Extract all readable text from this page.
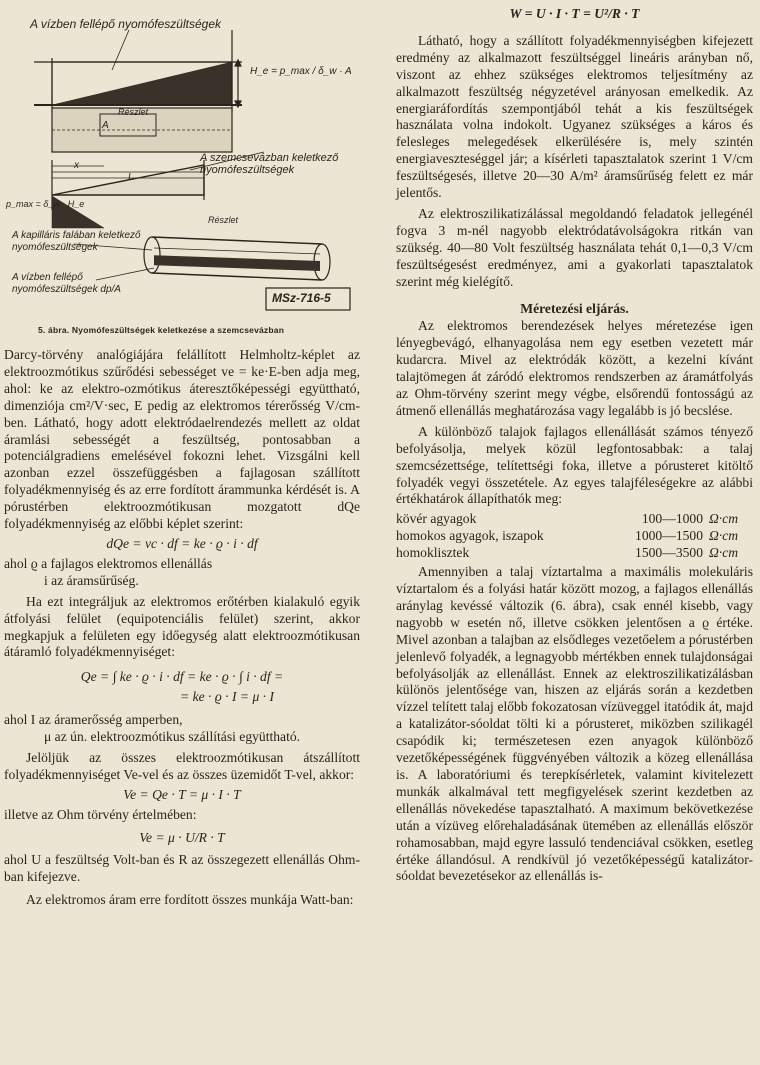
A vízben fellépő nyomófeszültségek
H_e = p_max / δ_w · A
Részlet
A
A szemcsevázban keletkező nyomófeszültségek
x
L
p_max = δ_w · H_e
A kapilláris falában keletkező nyomófeszültségek
Részlet
A vízben fellépő nyomófeszültségek dp/A
MSz-716-5
5. ábra. Nyomófeszültségek keletkezése a szemcsevázban

Darcy-törvény analógiájára felállított Helmholtz-képlet az elektroozmótikus szűrődési sebességet ve = ke·E-ben adja meg, ahol: ke az elektro-ozmótikus áteresztőképességi együttható, dimenziója cm²/V·sec, E pedig az elektromos térerősség V/cm-ben. Látható, hogy adott elektródaelrendezés mellett az oldat áramlási sebességét a feszültség, pontosabban a potenciálgradiens emelésével fokozni lehet. Vizsgálni kell azonban ezzel összefüggésben a fajlagosan szállított folyadékmennyiség és az erre fordított árammunka kérdését is. A pórustérben elektroozmótikusan mozgatott dQe folyadékmennyiség az előbbi képlet szerint:

dQe = vc · df = ke · ϱ · i · df

ahol ϱ a fajlagos elektromos ellenállás

i az áramsűrűség.

Ha ezt integráljuk az elektromos erőtérben kialakuló egyik átfolyási felület (equipotenciális felület) szerint, akkor megkapjuk a felületen egy időegység alatt elektroozmótikusan átáramló folyadékmennyiséget:

Qe = ∫ ke · ϱ · i · df = ke · ϱ · ∫ i · df =
= ke · ϱ · I = μ · I

ahol I az áramerősség amperben,

μ az ún. elektroozmótikus szállítási együttható.

Jelöljük az összes elektroozmótikusan átszállított folyadékmennyiséget Ve-vel és az összes üzemidőt T-vel, akkor:

Ve = Qe · T = μ · I · T

illetve az Ohm törvény értelmében:

Ve = μ · U/R · T

ahol U a feszültség Volt-ban és R az összegezett ellenállás Ohm-ban kifejezve.

Az elektromos áram erre fordított összes munkája Watt-ban:

W = U · I · T = U²/R · T

Látható, hogy a szállított folyadékmennyiségben kifejezett eredmény az alkalmazott feszültséggel lineáris arányban nő, viszont az ehhez szükséges elektromos teljesítmény az alkalmazott feszültség négyzetével arányosan emelkedik. Az energiaráfordítás szempontjából tehát a kis feszültségek használata volna indokolt. Ugyanez szükséges a káros és felesleges melegedések elkerülésére is, mely szintén energiaveszteséggel jár; a kísérleti tapasztalatok szerint 1 V/cm feszültségesés, illetve 20—30 A/m² áramsűrűség felett ez már jelentős.

Az elektroszilikatizálással megoldandó feladatok jellegénél fogva 3 m-nél nagyobb elektródatávolságokra ritkán van szükség. 40—80 Volt feszültség használata tehát 0,1—0,3 V/cm feszültségesést eredményez, ami a gyakorlati tapasztalatok szerint még kielégítő.

Méretezési eljárás.

Az elektromos berendezések helyes méretezése igen lényegbevágó, elhanyagolása nem egy esetben vezetett már kudarcra. Mivel az elektródák között, a kezelni kívánt talajtömegen át záródó elektromos rendszerben az áramátfolyás az Ohm-törvény szerint megy végbe, elsőrendű fontosságú az átmenő ellenállás meghatározása vagy legalább is jó becslése.

A különböző talajok fajlagos ellenállását számos tényező befolyásolja, melyek közül legfontosabbak: a talaj szemcsézettsége, telítettségi foka, illetve a pórusteret kitöltő folyadék vegyi összetétele. Az egyes talajféleségekre az alábbi értékhatárok állapíthatók meg:

kövér agyagok	100—1000	Ω·cm
homokos agyagok, iszapok	1000—1500	Ω·cm
homoklisztek	1500—3500	Ω·cm

Amennyiben a talaj víztartalma a maximális molekuláris víztartalom és a folyási határ között mozog, a fajlagos ellenállás aránylag kevéssé változik (6. ábra), csak ennél kisebb, vagy nagyobb w esetén nő, illetve csökken jelentősen a ϱ értéke. Mivel azonban a talajban az elsődleges vezetőelem a pórustérben jelenlevő folyadék, a legnagyobb mértékben ennek tulajdonságai befolyásolják az ellenállást. Ennek az elektroszilikatizálásban különös jelentősége van, hiszen az eljárás során a kezdetben vízzel telített talaj előbb fokozatosan vízüveggel itatódik át, majd a katalizátor-sóoldat tölti ki a pórusteret, miközben szilikagél csapódik ki; természetesen ezen anyagok különböző vezetőképességének függvényében változik a közeg ellenállása is. A laboratóriumi és terepkísérletek, valamint kivitelezett munkák alkalmával tett megfigyelések szerint kezdetben az ellenállás növekedése tapasztalható. A maximum bekövetkezése után a vízüveg előrehaladásának ütemében az ellenállás először rohamosabban, majd egyre lassuló tendenciával csökken, esetleg értéke állandósul. A rendkívül jó vezetőképességű katalizátor-sóoldat bevezetésekor az ellenállás is-
